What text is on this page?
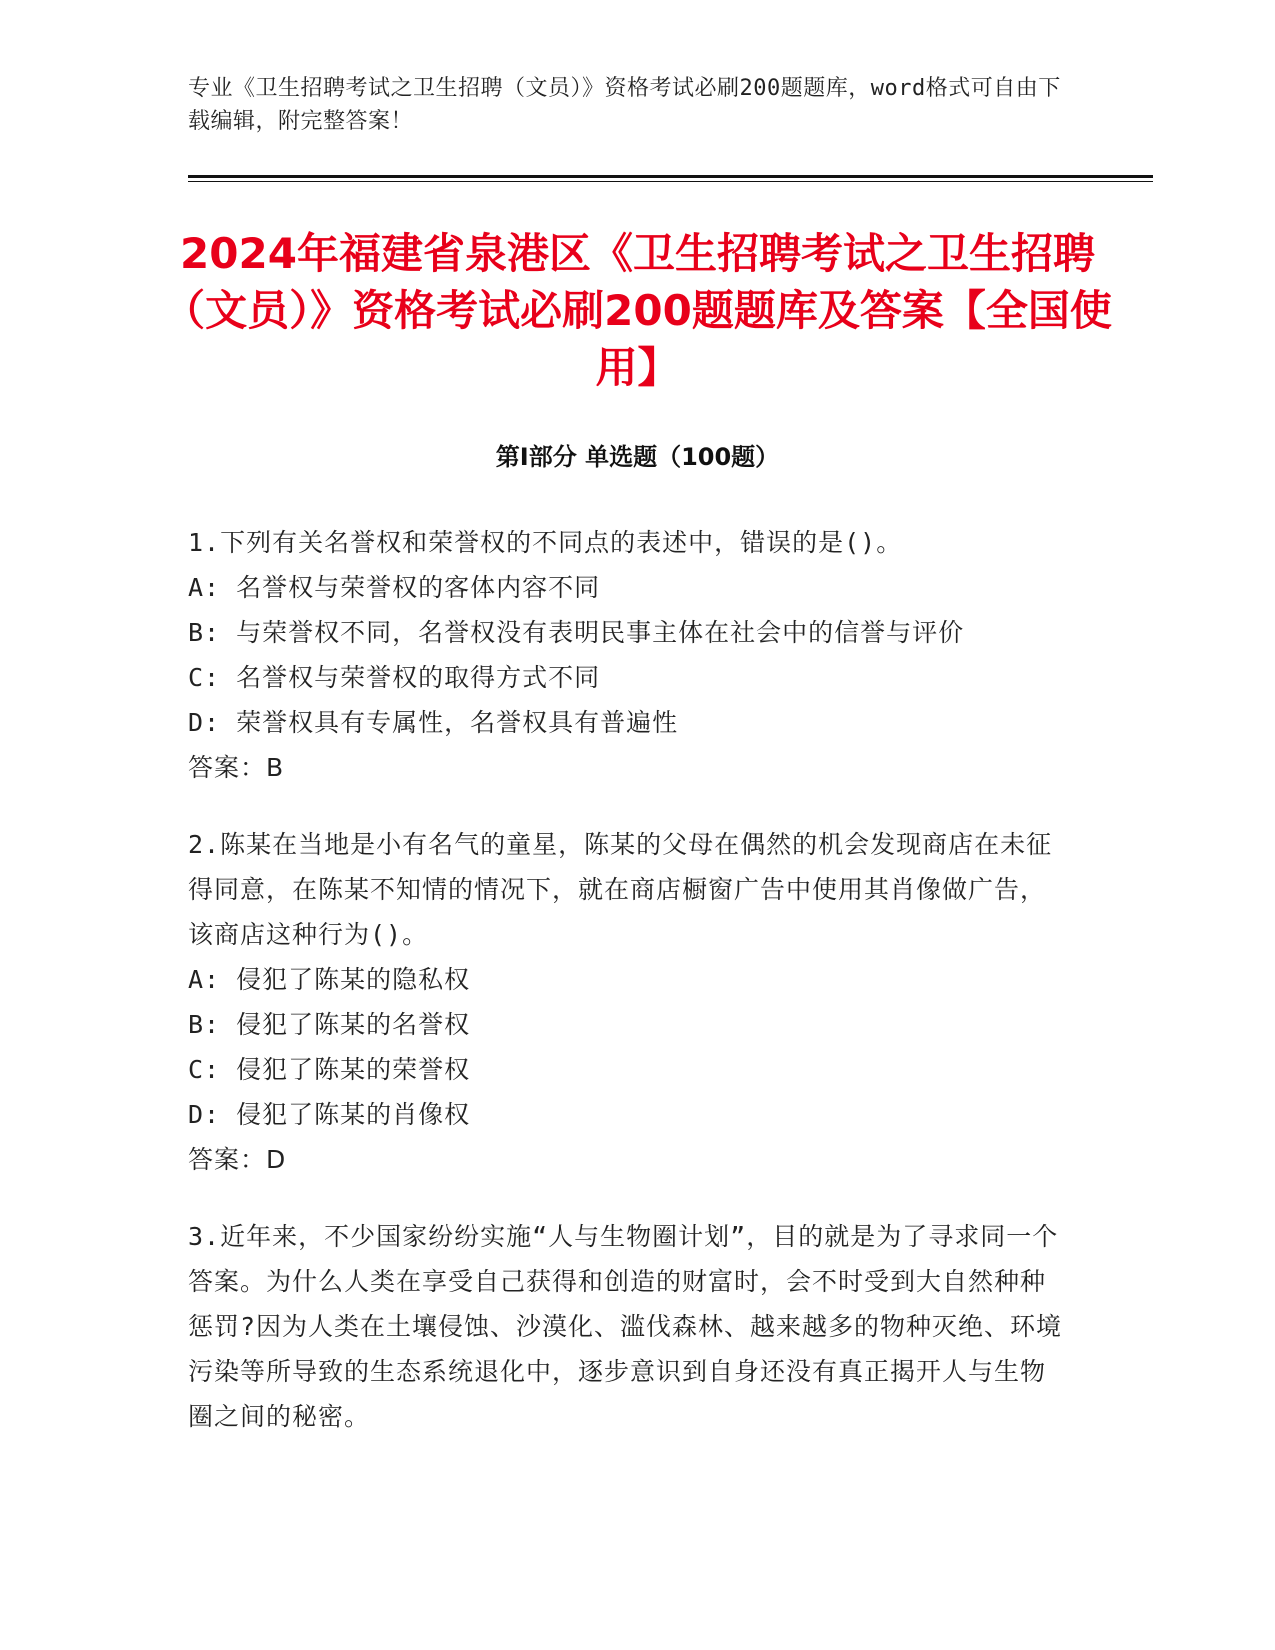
专业《卫生招聘考试之卫生招聘（文员）》资格考试必刷200题题库，word格式可自由下载编辑，附完整答案！
2024年福建省泉港区《卫生招聘考试之卫生招聘（文员）》资格考试必刷200题题库及答案【全国使用】
第Ⅰ部分 单选题（100题）

1.下列有关名誉权和荣誉权的不同点的表述中，错误的是()。

A: 名誉权与荣誉权的客体内容不同

B: 与荣誉权不同，名誉权没有表明民事主体在社会中的信誉与评价

C: 名誉权与荣誉权的取得方式不同

D: 荣誉权具有专属性，名誉权具有普遍性

答案：B

2.陈某在当地是小有名气的童星，陈某的父母在偶然的机会发现商店在未征得同意，在陈某不知情的情况下，就在商店橱窗广告中使用其肖像做广告，该商店这种行为()。

A: 侵犯了陈某的隐私权

B: 侵犯了陈某的名誉权

C: 侵犯了陈某的荣誉权

D: 侵犯了陈某的肖像权

答案：D

3.近年来，不少国家纷纷实施“人与生物圈计划”，目的就是为了寻求同一个答案。为什么人类在享受自己获得和创造的财富时，会不时受到大自然种种惩罚?因为人类在土壤侵蚀、沙漠化、滥伐森林、越来越多的物种灭绝、环境污染等所导致的生态系统退化中，逐步意识到自身还没有真正揭开人与生物圈之间的秘密。
